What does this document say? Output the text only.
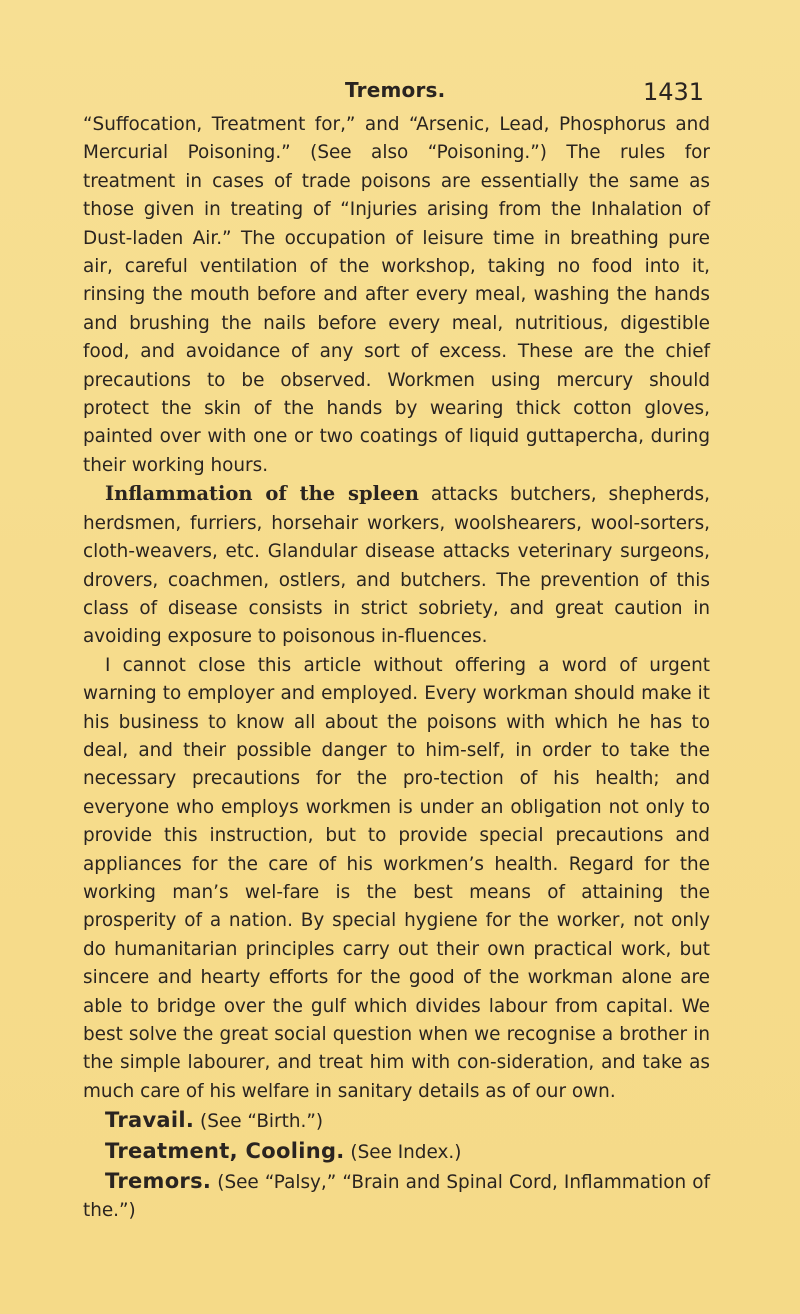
Tremors.	1431

“Suffocation, Treatment for,” and “Arsenic, Lead, Phosphorus and Mercurial Poisoning.” (See also “Poisoning.”) The rules for treatment in cases of trade poisons are essentially the same as those given in treating of “Injuries arising from the Inhalation of Dust-laden Air.” The occupation of leisure time in breathing pure air, careful ventilation of the workshop, taking no food into it, rinsing the mouth before and after every meal, washing the hands and brushing the nails before every meal, nutritious, digestible food, and avoidance of any sort of excess. These are the chief precautions to be observed. Workmen using mercury should protect the skin of the hands by wearing thick cotton gloves, painted over with one or two coatings of liquid guttapercha, during their working hours.

Inflammation of the spleen attacks butchers, shepherds, herdsmen, furriers, horsehair workers, woolshearers, wool-sorters, cloth-weavers, etc. Glandular disease attacks veterinary surgeons, drovers, coachmen, ostlers, and butchers. The prevention of this class of disease consists in strict sobriety, and great caution in avoiding exposure to poisonous in-fluences.

I cannot close this article without offering a word of urgent warning to employer and employed. Every workman should make it his business to know all about the poisons with which he has to deal, and their possible danger to him-self, in order to take the necessary precautions for the pro-tection of his health; and everyone who employs workmen is under an obligation not only to provide this instruction, but to provide special precautions and appliances for the care of his workmen’s health. Regard for the working man’s wel-fare is the best means of attaining the prosperity of a nation. By special hygiene for the worker, not only do humanitarian principles carry out their own practical work, but sincere and hearty efforts for the good of the workman alone are able to bridge over the gulf which divides labour from capital. We best solve the great social question when we recognise a brother in the simple labourer, and treat him with con-sideration, and take as much care of his welfare in sanitary details as of our own.

Travail. (See “Birth.”)

Treatment, Cooling. (See Index.)

Tremors. (See “Palsy,” “Brain and Spinal Cord, Inflammation of the.”)
